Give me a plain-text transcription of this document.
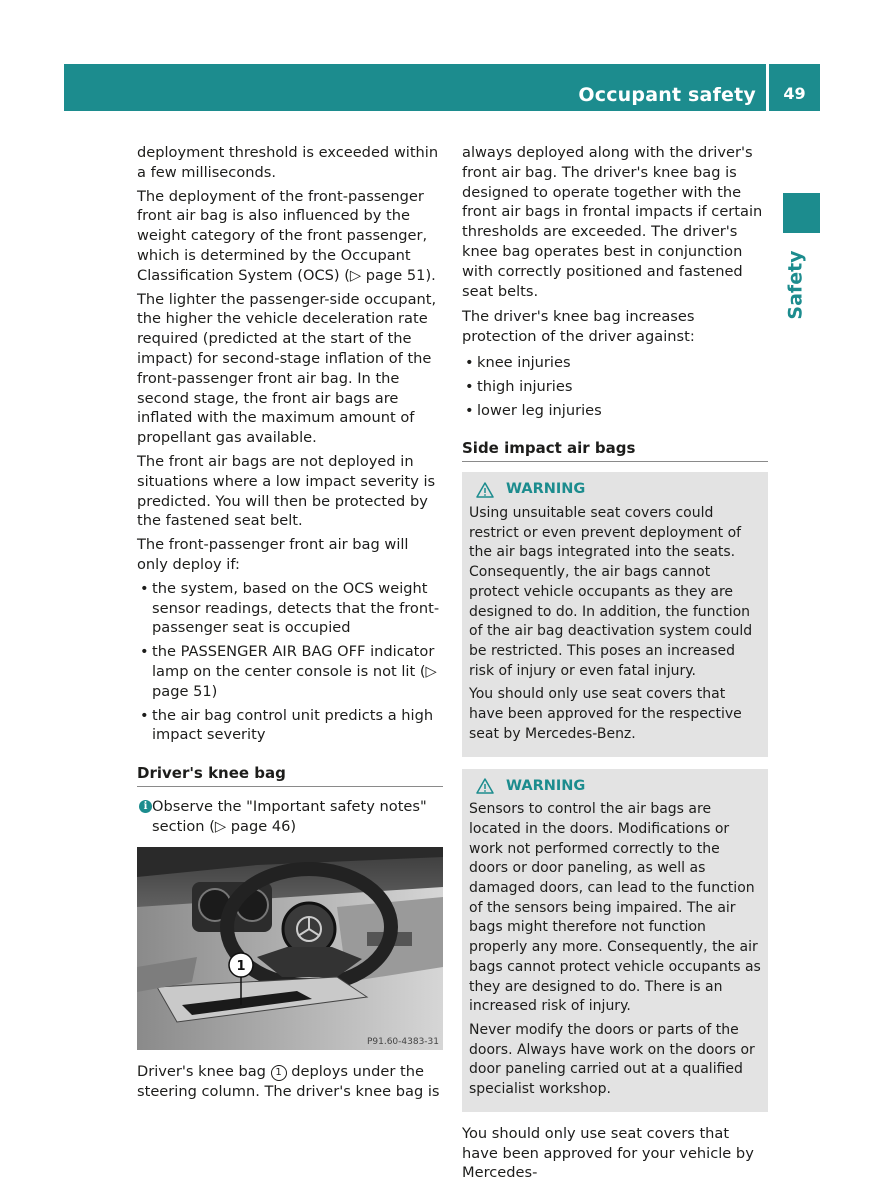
Occupant safety	49
Safety

deployment threshold is exceeded within a few milliseconds.

The deployment of the front-passenger front air bag is also influenced by the weight category of the front passenger, which is determined by the Occupant Classification System (OCS) (▷ page 51).

The lighter the passenger-side occupant, the higher the vehicle deceleration rate required (predicted at the start of the impact) for second-stage inflation of the front-passenger front air bag. In the second stage, the front air bags are inflated with the maximum amount of propellant gas available.

The front air bags are not deployed in situations where a low impact severity is predicted. You will then be protected by the fastened seat belt.

The front-passenger front air bag will only deploy if:

• the system, based on the OCS weight sensor readings, detects that the front-passenger seat is occupied
• the PASSENGER AIR BAG OFF indicator lamp on the center console is not lit (▷ page 51)
• the air bag control unit predicts a high impact severity
Driver's knee bag
i Observe the "Important safety notes" section (▷ page 46)
1
P91.60-4383-31

Driver's knee bag 1 deploys under the steering column. The driver's knee bag is

always deployed along with the driver's front air bag. The driver's knee bag is designed to operate together with the front air bags in frontal impacts if certain thresholds are exceeded. The driver's knee bag operates best in conjunction with correctly positioned and fastened seat belts.

The driver's knee bag increases protection of the driver against:

• knee injuries
• thigh injuries
• lower leg injuries
Side impact air bags
WARNING

Using unsuitable seat covers could restrict or even prevent deployment of the air bags integrated into the seats. Consequently, the air bags cannot protect vehicle occupants as they are designed to do. In addition, the function of the air bag deactivation system could be restricted. This poses an increased risk of injury or even fatal injury.

You should only use seat covers that have been approved for the respective seat by Mercedes-Benz.

WARNING

Sensors to control the air bags are located in the doors. Modifications or work not performed correctly to the doors or door paneling, as well as damaged doors, can lead to the function of the sensors being impaired. The air bags might therefore not function properly any more. Consequently, the air bags cannot protect vehicle occupants as they are designed to do. There is an increased risk of injury.

Never modify the doors or parts of the doors. Always have work on the doors or door paneling carried out at a qualified specialist workshop.

You should only use seat covers that have been approved for your vehicle by Mercedes-
